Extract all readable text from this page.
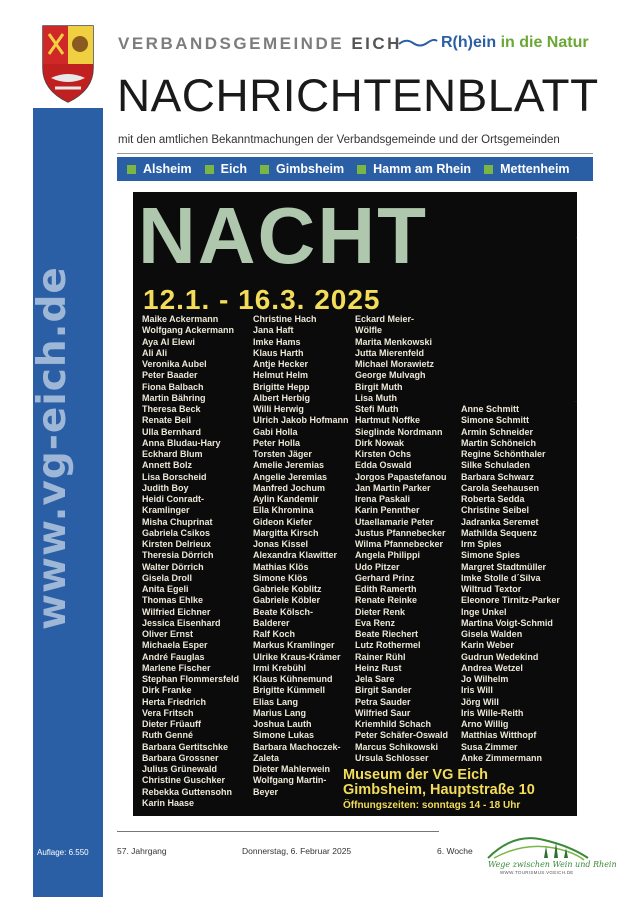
www.vg-eich.de
Auflage: 6.550
VERBANDSGEMEINDE EICH R(h)ein in die Natur
NACHRICHTENBLATT
mit den amtlichen Bekanntmachungen der Verbandsgemeinde und der Ortsgemeinden
Alsheim Eich Gimbsheim Hamm am Rhein Mettenheim
NACHT
12.1. - 16.3. 2025
Maike Ackermann
Wolfgang Ackermann
Aya Al Elewi
Ali Ali
Veronika Aubel
Peter Baader
Fiona Balbach
Martin Bähring
Theresa Beck
Renate Beil
Ulla Bernhard
Anna Bludau-Hary
Eckhard Blum
Annett Bolz
Lisa Borscheid
Judith Boy
Heidi Conradt-
Kramlinger
Misha Chuprinat
Gabriela Csikos
Kirsten Delrieux
Theresia Dörrich
Walter Dörrich
Gisela Droll
Anita Egeli
Thomas Ehlke
Wilfried Eichner
Jessica Eisenhard
Oliver Ernst
Michaela Esper
André Fauglas
Marlene Fischer
Stephan Flommersfeld
Dirk Franke
Herta Friedrich
Vera Fritsch
Dieter Früauff
Ruth Genné
Barbara Gertitschke
Barbara Grossner
Julius Grünewald
Christine Guschker
Rebekka Guttensohn
Karin Haase
Christine Hach
Jana Haft
Imke Hams
Klaus Harth
Antje Hecker
Helmut Helm
Brigitte Hepp
Albert Herbig
Willi Herwig
Ulrich Jakob Hofmann
Gabi Holla
Peter Holla
Torsten Jäger
Amelie Jeremias
Angelie Jeremias
Manfred Jochum
Aylin Kandemir
Ella Khromina
Gideon Kiefer
Margitta Kirsch
Jonas Kissel
Alexandra Klawitter
Mathias Klös
Simone Klös
Gabriele Koblitz
Gabriele Köbler
Beate Kölsch-
Balderer
Ralf Koch
Markus Kramlinger
Ulrike Kraus-Krämer
Irmi Krebühl
Klaus Kühnemund
Brigitte Kümmell
Elias Lang
Marius Lang
Joshua Lauth
Simone Lukas
Barbara Machoczek-
Zaleta
Dieter Mahlerwein
Wolfgang Martin-
Beyer
Eckard Meier-
Wölfle
Marita Menkowski
Jutta Mierenfeld
Michael Morawietz
George Mulvagh
Birgit Muth
Lisa Muth
Stefi Muth
Hartmut Noffke
Sieglinde Nordmann
Dirk Nowak
Kirsten Ochs
Edda Oswald
Jorgos Papastefanou
Jan Martin Parker
Irena Paskali
Karin Pennther
Utaellamarie Peter
Justus Pfannebecker
Wilma Pfannebecker
Angela Philippi
Udo Pitzer
Gerhard Prinz
Edith Ramerth
Renate Reinke
Dieter Renk
Eva Renz
Beate Riechert
Lutz Rothermel
Rainer Rühl
Heinz Rust
Jela Sare
Birgit Sander
Petra Sauder
Wilfried Saur
Kriemhild Schach
Peter Schäfer-Oswald
Marcus Schikowski
Ursula Schlosser
Anne Schmitt
Simone Schmitt
Armin Schneider
Martin Schöneich
Regine Schönthaler
Silke Schuladen
Barbara Schwarz
Carola Seehausen
Roberta Sedda
Christine Seibel
Jadranka Seremet
Mathilda Sequenz
Irm Spies
Simone Spies
Margret Stadtmüller
Imke Stolle d´Silva
Wiltrud Textor
Eleonore Tirnitz-Parker
Inge Unkel
Martina Voigt-Schmid
Gisela Walden
Karin Weber
Gudrun Wedekind
Andrea Wetzel
Jo Wilhelm
Iris Will
Jörg Will
Iris Wille-Reith
Arno Willig
Matthias Witthopf
Susa Zimmer
Anke Zimmermann
Museum der VG Eich
Gimbsheim, Hauptstraße 10
Öffnungszeiten: sonntags 14 - 18 Uhr
57. Jahrgang	Donnerstag, 6. Februar 2025	6. Woche
Wege zwischen Wein und Rhein
WWW.TOURISMUS.VGEICH.DE
